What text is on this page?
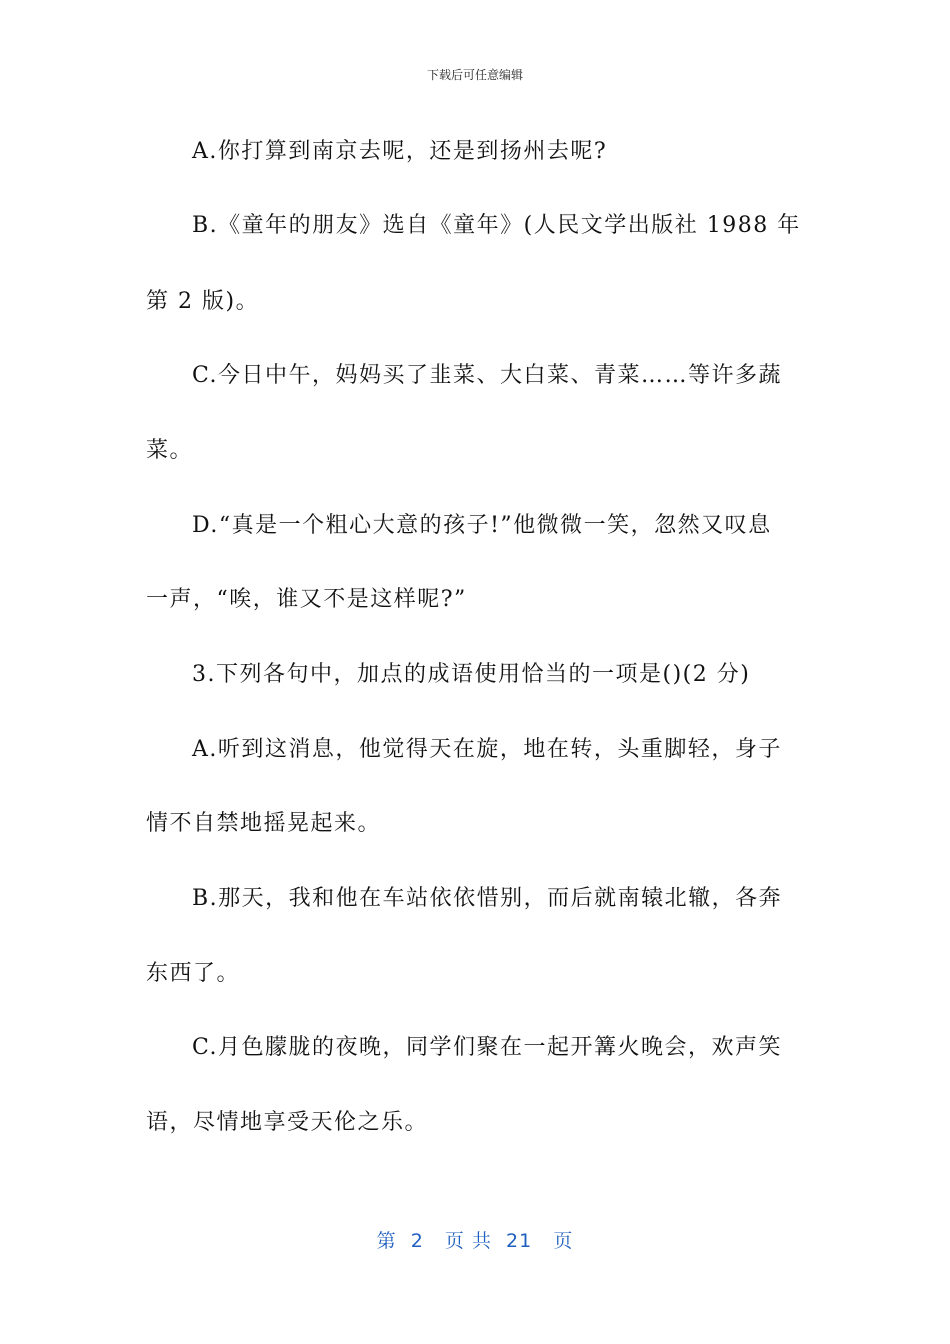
下载后可任意编辑
A.你打算到南京去呢，还是到扬州去呢?
B.《童年的朋友》选自《童年》(人民文学出版社 1988 年
第 2 版)。
C.今日中午，妈妈买了韭菜、大白菜、青菜……等许多蔬
菜。
D.“真是一个粗心大意的孩子!”他微微一笑，忽然又叹息
一声，“唉，谁又不是这样呢?”
3.下列各句中，加点的成语使用恰当的一项是()(2 分)
A.听到这消息，他觉得天在旋，地在转，头重脚轻，身子
情不自禁地摇晃起来。
B.那天，我和他在车站依依惜别，而后就南辕北辙，各奔
东西了。
C.月色朦胧的夜晚，同学们聚在一起开篝火晚会，欢声笑
语，尽情地享受天伦之乐。
第  2   页 共  21   页
